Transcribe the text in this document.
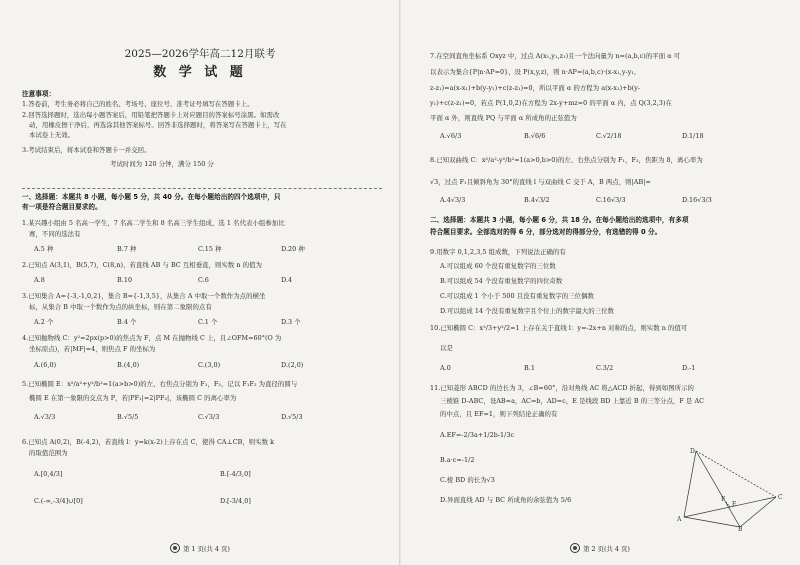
2025—2026学年高二12月联考
数 学 试 题
注意事项：
1.答卷前，考生务必将自己的姓名、考场号、座位号、准考证号填写在答题卡上。
2.回答选择题时，选出每小题答案后，用铅笔把答题卡上对应题目的答案标号涂黑。如需改
动，用橡皮擦干净后，再选涂其他答案标号。回答非选择题时，将答案写在答题卡上，写在
本试卷上无效。
3.考试结束后，将本试卷和答题卡一并交回。
考试时间为 120 分钟，满分 150 分
一、选择题：本题共 8 小题，每小题 5 分，共 40 分。在每小题给出的四个选项中，只
有一项是符合题目要求的。
1.某兴趣小组由 5 名高一学生，7 名高二学生和 8 名高三学生组成，选 1 名代表小组参加比
赛，不同的选法有
A.5 种	B.7 种	C.15 种	D.20 种
2.已知点 A(3,1)，B(5,7)，C(8,n)，若直线 AB 与 BC 互相垂直，则实数 n 的值为
A.8	B.10	C.6	D.4
3.已知集合 A={-3,-1,0,2}，集合 B={-1,3,5}，从集合 A 中取一个数作为点的横坐
标，从集合 B 中取一个数作为点的纵坐标，则在第二象限的点有
A.2 个	B.4 个	C.1 个	D.3 个
4.已知抛物线 C：y²=2px(p>0)的焦点为 F，点 M 在抛物线 C 上，且∠OFM=60°(O 为
坐标原点)，若|MF|=4，则焦点 F 的坐标为
A.(6,0)	B.(4,0)	C.(3,0)	D.(2,0)
5.已知椭圆 E：x²/a²+y²/b²=1(a>b>0)的左、右焦点分别为 F₁，F₂，记以 F₁F₂ 为直径的圆与
椭圆 E 在第一象限的交点为 P，若|PF₁|=2|PF₂|，该椭圆 C 的离心率为
A.√3/3	B.√5/5	C.√3/3	D.√5/3
6.已知点 A(0,2)，B(-4,2)，若直线 l：y=k(x-2)上存在点 C，使得 CA⊥CB，则实数 k
的取值范围为
A.[0,4/3]	B.[-4/3,0]
C.(-∞,-3/4]∪[0]	D.[-3/4,0]
第 1 页(共 4 页)
7.在空间直角坐标系 Oxyz 中，过点 A(x₁,y₁,z₁)且一个法向量为 n=(a,b,c)的平面 α 可
以表示为集合{P|n·AP=0}，设 P(x,y,z)，则 n·AP=(a,b,c)·(x-x₁,y-y₁,
z-z₁)=a(x-x₁)+b(y-y₁)+c(z-z₁)=0，所以平面 α 的方程为 a(x-x₁)+b(y-
y₁)+c(z-z₁)=0，若点 P(1,0,2)在方程为 2x-y+mz=0 的平面 α 内，点 Q(3,2,3)在
平面 α 外，则直线 PQ 与平面 α 所成角的正弦值为
A.√6/3	B.√6/6	C.√2/18	D.1/18
8.已知双曲线 C：x²/a²-y²/b²=1(a>0,b>0)的左、右焦点分别为 F₁，F₂，焦距为 8，离心率为
√3，过点 F₁且倾斜角为 30°的直线 l 与双曲线 C 交于 A，B 两点，则|AB|=
A.4√3/3	B.4√3/2	C.16√3/3	D.16√3/3
二、选择题：本题共 3 小题，每小题 6 分，共 18 分。在每小题给出的选项中，有多项
符合题目要求。全部选对的得 6 分，部分选对的得部分分，有选错的得 0 分。
9.用数字 0,1,2,3,5 组成数，下列说法正确的有
A.可以组成 60 个没有重复数字的三位数
B.可以组成 54 个没有重复数字的四位奇数
C.可以组成 1 个小于 500 且没有重复数字的三位偶数
D.可以组成 14 个没有重复数字且个位上的数字最大的三位数
10.已知椭圆 C：x²/3+y²/2=1 上存在关于直线 l：y=-2x+n 对称的点，则实数 n 的值可
以是
A.0	B.1	C.3/2	D.-1
11.已知菱形 ABCD 的边长为 3，∠B=60°，沿对角线 AC 将△ACD 折起，得到如图所示的
三棱锥 D-ABC，设AB=a，AC=b，AD=c，E 是线段 BD 上靠近 B 的三等分点，F 是 AC
的中点，且 EF=1，则下列结论正确的有
A.EF=-2/3a+1/2b-1/3c
B.a·c=-1/2
C.棱 BD 的长为√3
D.异面直线 AD 与 BC 所成角的余弦值为 5/6
D
A
C
B
E
F
第 2 页(共 4 页)
